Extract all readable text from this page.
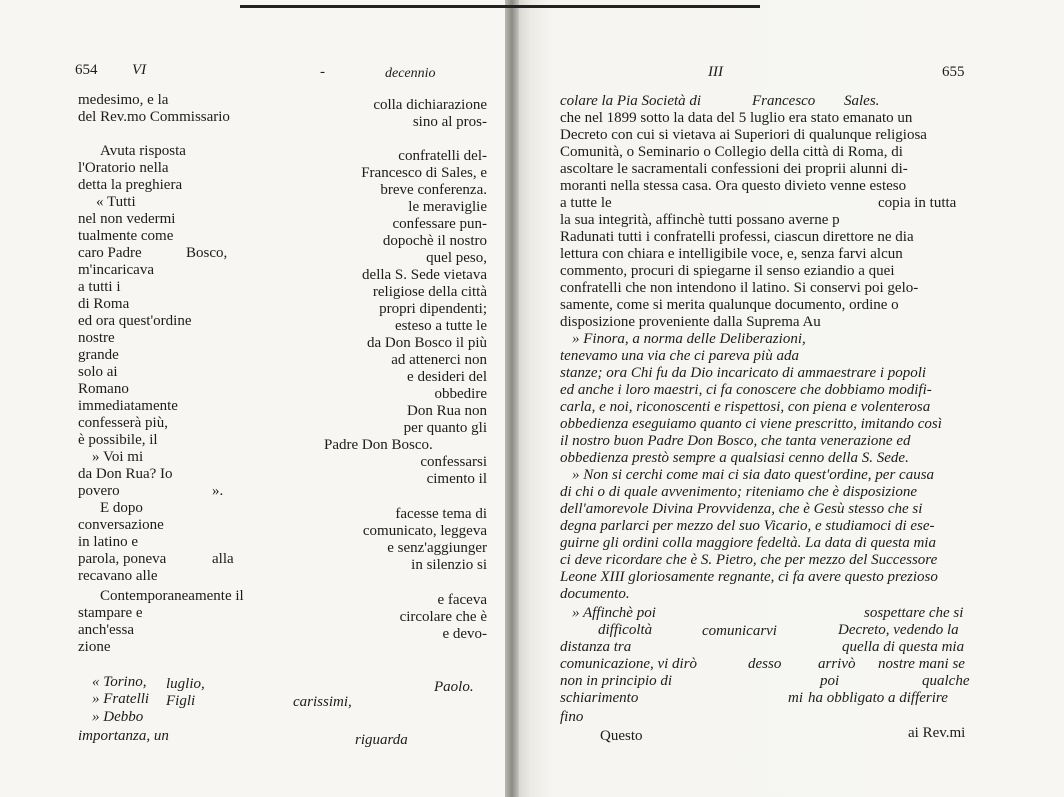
654 VI	-	decennio
medesimo, e la
del Rev.mo Commissario
Avuta risposta
l'Oratorio nella
detta la preghiera
« Tutti
nel non vedermi
tualmente come
caro Padre	Bosco,
m'incaricava
a tutti i
di Roma
ed ora quest'ordine
nostre
grande
solo ai
Romano
immediatamente
confesserà più,
è possibile, il
» Voi mi
da Don Rua? Io
povero	».
E dopo
conversazione
in latino e
parola, poneva	alla
recavano alle
Contemporaneamente il
stampare e
anch'essa
zione
colla dichiarazione
sino al pros-
confratelli del-
Francesco di Sales, e
breve conferenza.
le meraviglie
confessare pun-
dopochè il nostro
quel peso,
della S. Sede vietava
religiose della città
propri dipendenti;
esteso a tutte le
da Don Bosco il più
ad attenerci non
e desideri del
obbedire
Don Rua non
per quanto gli
Padre Don Bosco.
confessarsi
cimento il
facesse tema di
comunicato, leggeva
e senz'aggiunger
in silenzio si
e faceva
circolare che è
e devo-
« Torino, luglio,	Paolo.
» Fratelli Figli	carissimi,
» Debbo
importanza, un	riguarda
III	655
colare la Pia Società di	Francesco Sales.
che nel 1899 sotto la data del 5 luglio era stato emanato un
Decreto con cui si vietava ai Superiori di qualunque religiosa
Comunità, o Seminario o Collegio della città di Roma, di
ascoltare le sacramentali confessioni dei proprii alunni di-
moranti nella stessa casa. Ora questo divieto venne esteso
a tutte le	copia in tutta
la sua integrità, affinchè tutti possano averne p
Radunati tutti i confratelli professi, ciascun direttore ne dia
lettura con chiara e intelligibile voce, e, senza farvi alcun
commento, procuri di spiegarne il senso eziandio a quei
confratelli che non intendono il latino. Si conservi poi gelo-
samente, come si merita qualunque documento, ordine o
disposizione proveniente dalla Suprema Au
» Finora, a norma delle Deliberazioni,
tenevamo una via che ci pareva più ada
stanze; ora Chi fu da Dio incaricato di ammaestrare i popoli
ed anche i loro maestri, ci fa conoscere che dobbiamo modifi-
carla, e noi, riconoscenti e rispettosi, con piena e volenterosa
obbedienza eseguiamo quanto ci viene prescritto, imitando così
il nostro buon Padre Don Bosco, che tanta venerazione ed
obbedienza prestò sempre a qualsiasi cenno della S. Sede.
» Non si cerchi come mai ci sia dato quest'ordine, per causa
di chi o di quale avvenimento; riteniamo che è disposizione
dell'amorevole Divina Provvidenza, che è Gesù stesso che si
degna parlarci per mezzo del suo Vicario, e studiamoci di ese-
guirne gli ordini colla maggiore fedeltà. La data di questa mia
ci deve ricordare che è S. Pietro, che per mezzo del Successore
Leone XIII gloriosamente regnante, ci fa avere questo prezioso
documento.
» Affinchè poi	sospettare che si
difficoltà	comunicarvi	Decreto, vedendo la
distanza tra	quella di questa mia
comunicazione, vi dirò	desso arrivò nostre mani se
non in principio di	poi	qualche
schiarimento	mi ha obbligato a differire
fino
Questo	ai Rev.mi
